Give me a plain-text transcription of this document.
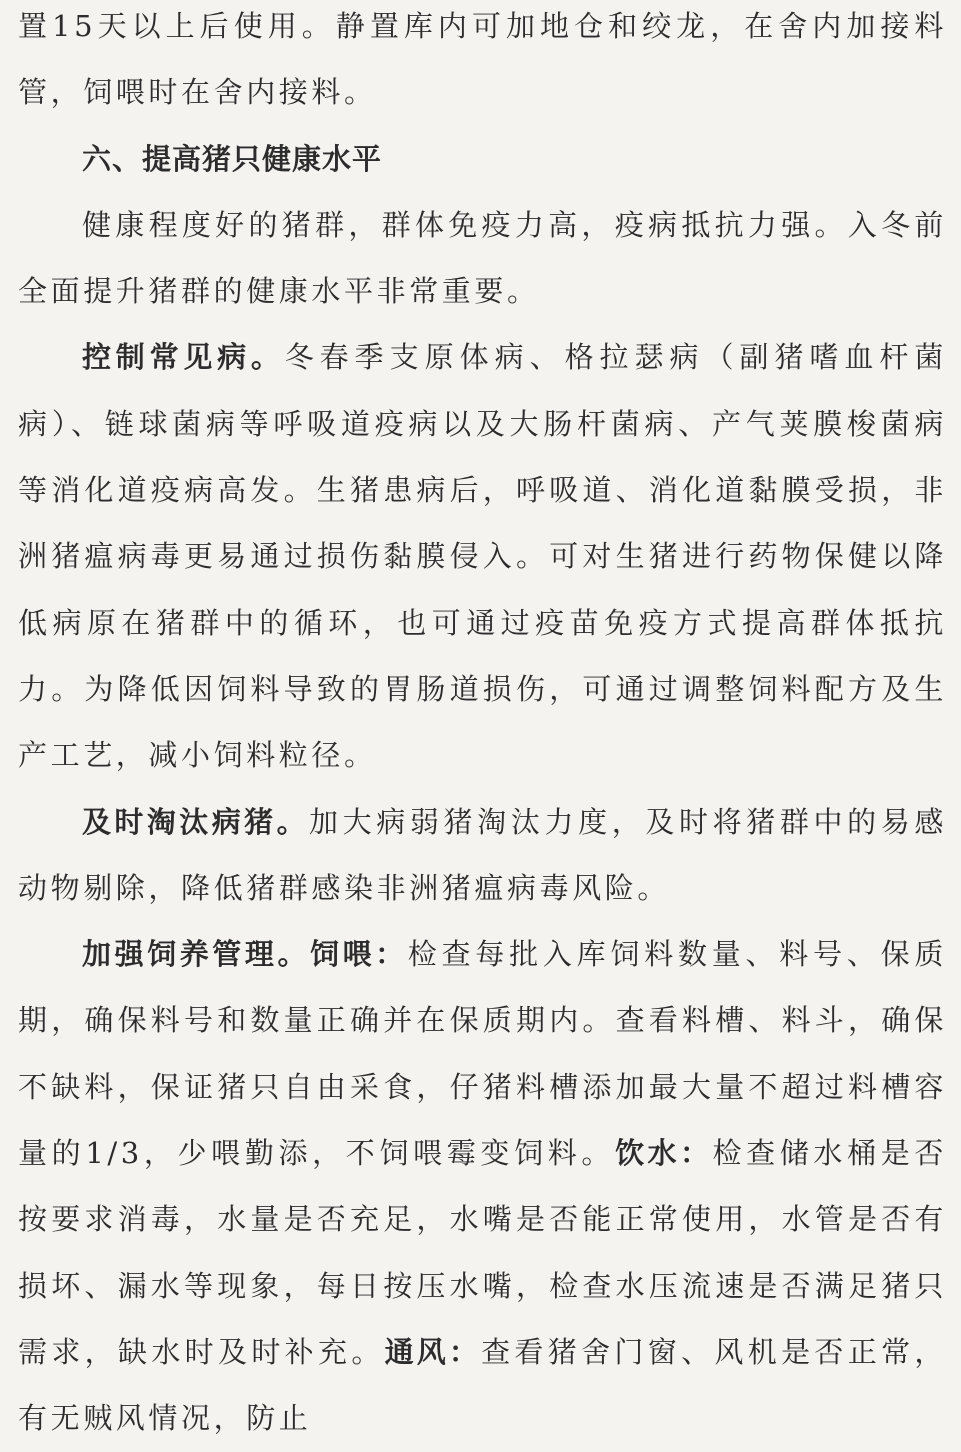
置15天以上后使用。静置库内可加地仓和绞龙，在舍内加接料管，饲喂时在舍内接料。

六、提高猪只健康水平

健康程度好的猪群，群体免疫力高，疫病抵抗力强。入冬前全面提升猪群的健康水平非常重要。

控制常见病。冬春季支原体病、格拉瑟病（副猪嗜血杆菌病）、链球菌病等呼吸道疫病以及大肠杆菌病、产气荚膜梭菌病等消化道疫病高发。生猪患病后，呼吸道、消化道黏膜受损，非洲猪瘟病毒更易通过损伤黏膜侵入。可对生猪进行药物保健以降低病原在猪群中的循环，也可通过疫苗免疫方式提高群体抵抗力。为降低因饲料导致的胃肠道损伤，可通过调整饲料配方及生产工艺，减小饲料粒径。

及时淘汰病猪。加大病弱猪淘汰力度，及时将猪群中的易感动物剔除，降低猪群感染非洲猪瘟病毒风险。

加强饲养管理。饲喂：检查每批入库饲料数量、料号、保质期，确保料号和数量正确并在保质期内。查看料槽、料斗，确保不缺料，保证猪只自由采食，仔猪料槽添加最大量不超过料槽容量的1/3，少喂勤添，不饲喂霉变饲料。饮水：检查储水桶是否按要求消毒，水量是否充足，水嘴是否能正常使用，水管是否有损坏、漏水等现象，每日按压水嘴，检查水压流速是否满足猪只需求，缺水时及时补充。通风：查看猪舍门窗、风机是否正常，有无贼风情况，防止
